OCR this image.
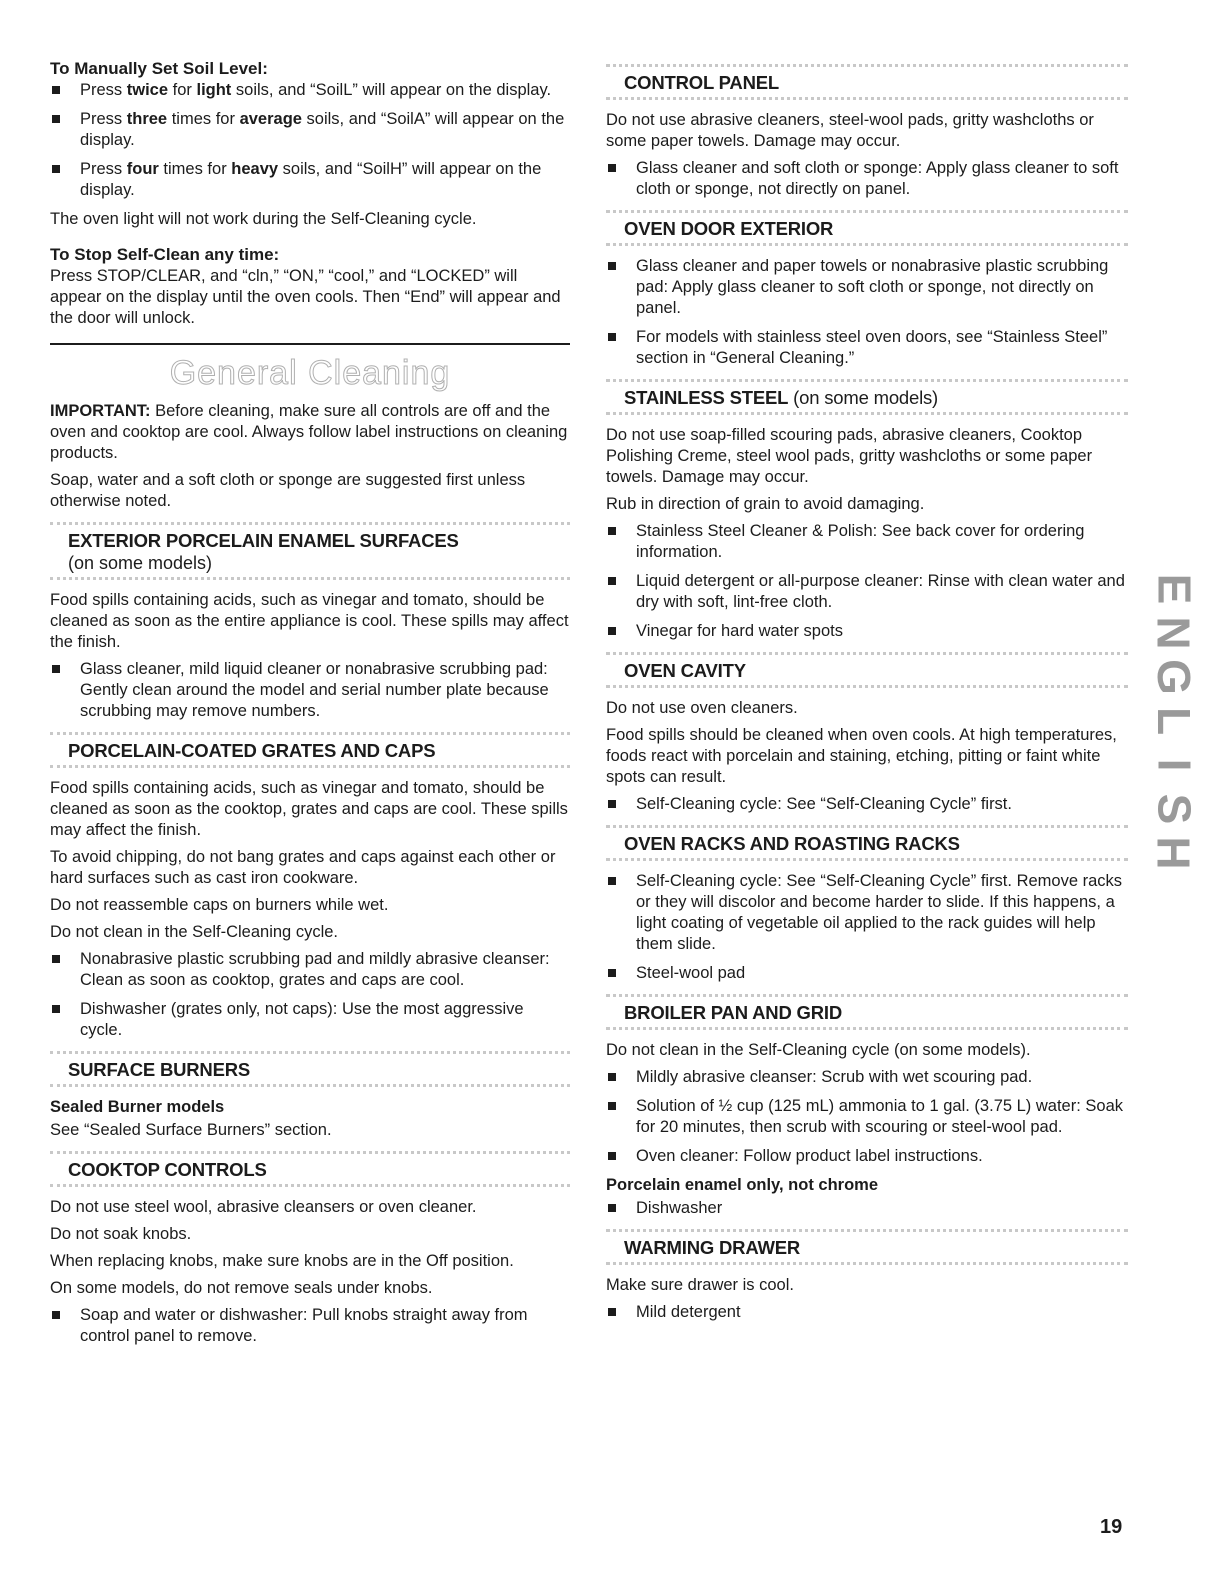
To Manually Set Soil Level:
Press twice for light soils, and “SoilL” will appear on the display.
Press three times for average soils, and “SoilA” will appear on the display.
Press four times for heavy soils, and “SoilH” will appear on the display.

The oven light will not work during the Self-Cleaning cycle.

To Stop Self-Clean any time:

Press STOP/CLEAR, and “cln,” “ON,” “cool,” and “LOCKED” will appear on the display until the oven cools. Then “End” will appear and the door will unlock.

General Cleaning

IMPORTANT: Before cleaning, make sure all controls are off and the oven and cooktop are cool. Always follow label instructions on cleaning products.

Soap, water and a soft cloth or sponge are suggested first unless otherwise noted.

EXTERIOR PORCELAIN ENAMEL SURFACES
(on some models)

Food spills containing acids, such as vinegar and tomato, should be cleaned as soon as the entire appliance is cool. These spills may affect the finish.

Glass cleaner, mild liquid cleaner or nonabrasive scrubbing pad: Gently clean around the model and serial number plate because scrubbing may remove numbers.
PORCELAIN-COATED GRATES AND CAPS

Food spills containing acids, such as vinegar and tomato, should be cleaned as soon as the cooktop, grates and caps are cool. These spills may affect the finish.

To avoid chipping, do not bang grates and caps against each other or hard surfaces such as cast iron cookware.

Do not reassemble caps on burners while wet.

Do not clean in the Self-Cleaning cycle.

Nonabrasive plastic scrubbing pad and mildly abrasive cleanser: Clean as soon as cooktop, grates and caps are cool.
Dishwasher (grates only, not caps): Use the most aggressive cycle.
SURFACE BURNERS
Sealed Burner models

See “Sealed Surface Burners” section.

COOKTOP CONTROLS

Do not use steel wool, abrasive cleansers or oven cleaner.

Do not soak knobs.

When replacing knobs, make sure knobs are in the Off position.

On some models, do not remove seals under knobs.

Soap and water or dishwasher: Pull knobs straight away from control panel to remove.
CONTROL PANEL

Do not use abrasive cleaners, steel-wool pads, gritty washcloths or some paper towels. Damage may occur.

Glass cleaner and soft cloth or sponge: Apply glass cleaner to soft cloth or sponge, not directly on panel.
OVEN DOOR EXTERIOR
Glass cleaner and paper towels or nonabrasive plastic scrubbing pad: Apply glass cleaner to soft cloth or sponge, not directly on panel.
For models with stainless steel oven doors, see “Stainless Steel” section in “General Cleaning.”
STAINLESS STEEL (on some models)

Do not use soap-filled scouring pads, abrasive cleaners, Cooktop Polishing Creme, steel wool pads, gritty washcloths or some paper towels. Damage may occur.

Rub in direction of grain to avoid damaging.

Stainless Steel Cleaner & Polish: See back cover for ordering information.
Liquid detergent or all-purpose cleaner: Rinse with clean water and dry with soft, lint-free cloth.
Vinegar for hard water spots
OVEN CAVITY

Do not use oven cleaners.

Food spills should be cleaned when oven cools. At high temperatures, foods react with porcelain and staining, etching, pitting or faint white spots can result.

Self-Cleaning cycle: See “Self-Cleaning Cycle” first.
OVEN RACKS AND ROASTING RACKS
Self-Cleaning cycle: See “Self-Cleaning Cycle” first. Remove racks or they will discolor and become harder to slide. If this happens, a light coating of vegetable oil applied to the rack guides will help them slide.
Steel-wool pad
BROILER PAN AND GRID

Do not clean in the Self-Cleaning cycle (on some models).

Mildly abrasive cleanser: Scrub with wet scouring pad.
Solution of ½ cup (125 mL) ammonia to 1 gal. (3.75 L) water: Soak for 20 minutes, then scrub with scouring or steel-wool pad.
Oven cleaner: Follow product label instructions.
Porcelain enamel only, not chrome
Dishwasher
WARMING DRAWER

Make sure drawer is cool.

Mild detergent
E
N
G
L
I
S
H
19
